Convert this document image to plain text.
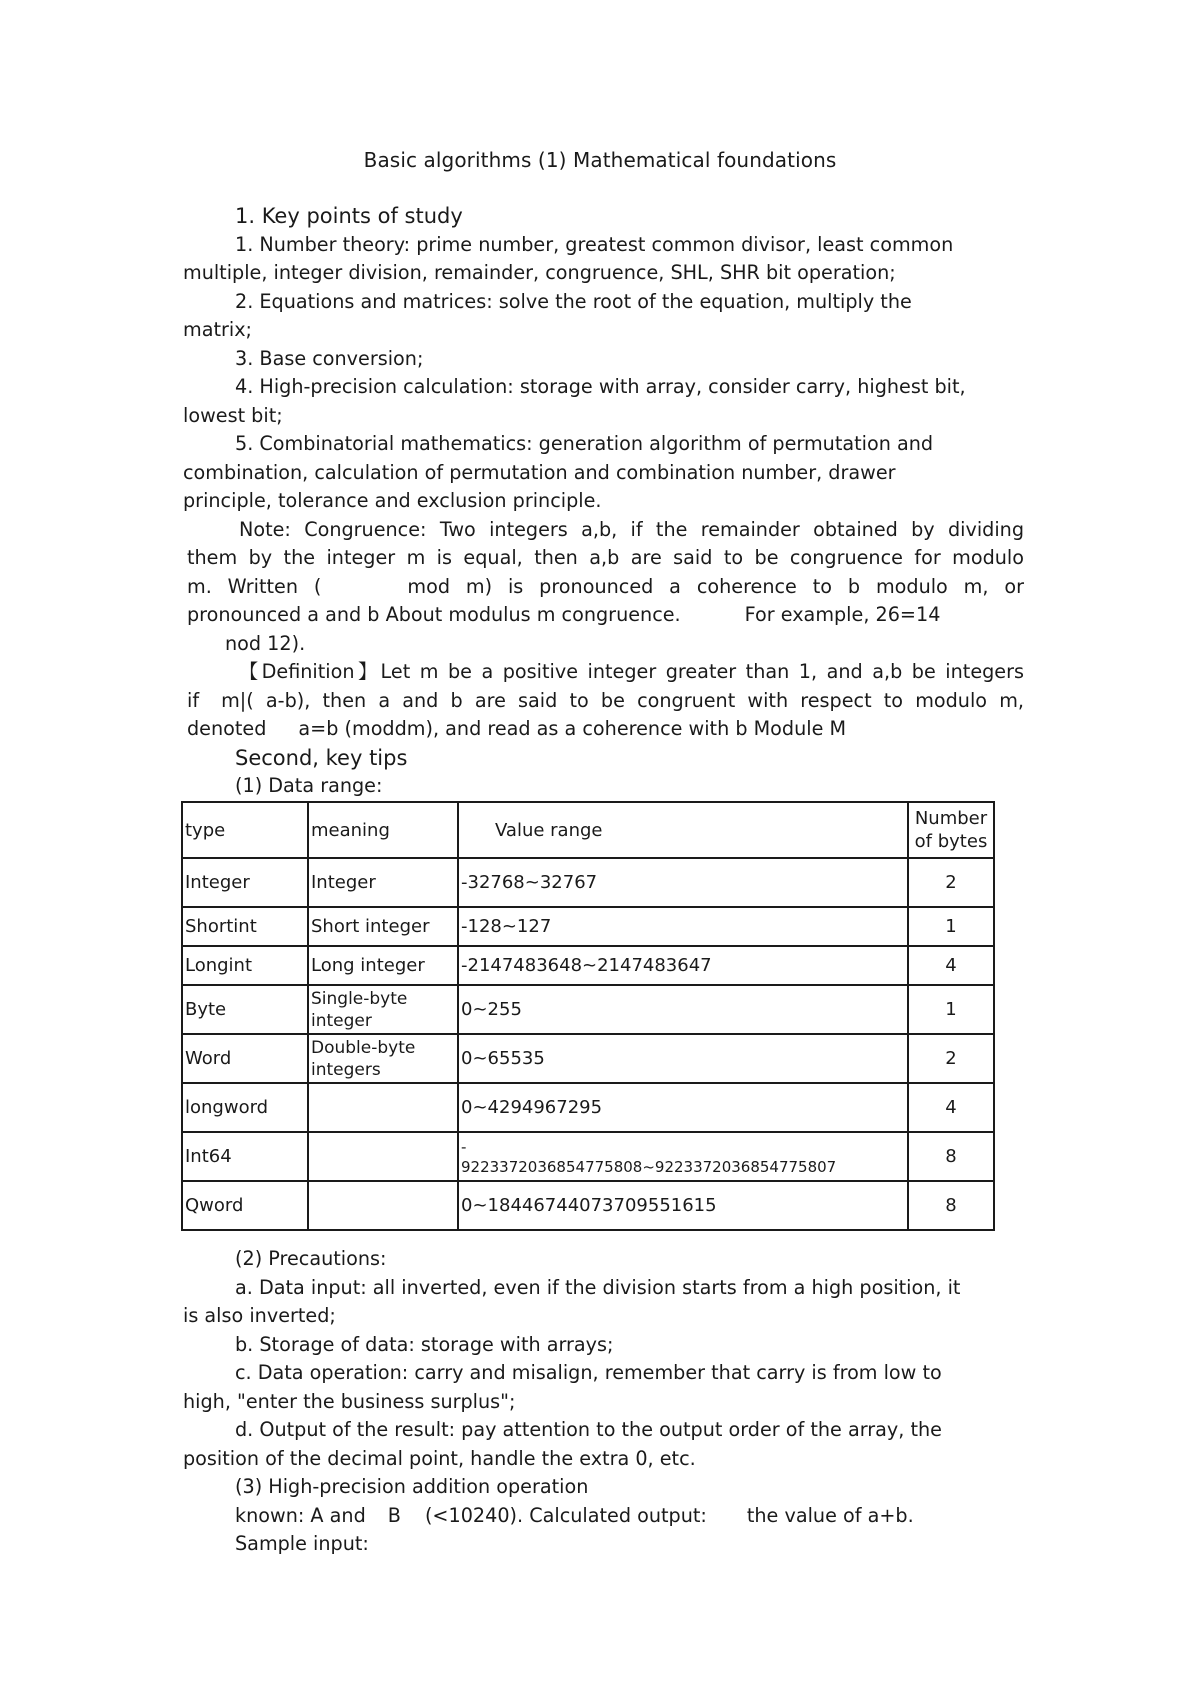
Basic algorithms (1) Mathematical foundations

1. Key points of study

1. Number theory: prime number, greatest common divisor, least common

multiple, integer division, remainder, congruence, SHL, SHR bit operation;

2. Equations and matrices: solve the root of the equation, multiply the

matrix;

3. Base conversion;

4. High-precision calculation: storage with array, consider carry, highest bit,

lowest bit;

5. Combinatorial mathematics: generation algorithm of permutation and

combination, calculation of permutation and combination number, drawer

principle, tolerance and exclusion principle.

Note: Congruence: Two integers a,b, if the remainder obtained by dividing

them by the integer m is equal, then a,b are said to be congruence for modulo

m. Written (	mod m) is pronounced a coherence to b modulo m, or

pronounced a and b About modulus m congruence.	For example, 26=14

nod 12).

【Definition】Let m be a positive integer greater than 1, and a,b be integers

if m|( a-b), then a and b are said to be congruent with respect to modulo m,

denoted a=b (moddm), and read as a coherence with b Module M

Second, key tips

(1) Data range:

type	meaning	Value range	Number
of bytes

Integer	Integer	-32768~32767	2
Shortint	Short integer	-128~127	1
Longint	Long integer	-2147483648~2147483647	4
Byte	Single-byte
integer	0~255	1
Word	Double-byte
integers	0~65535	2
longword		0~4294967295	4
Int64		-
9223372036854775808~9223372036854775807	8
Qword		0~18446744073709551615	8

(2) Precautions:

a. Data input: all inverted, even if the division starts from a high position, it

is also inverted;

b. Storage of data: storage with arrays;

c. Data operation: carry and misalign, remember that carry is from low to

high, "enter the business surplus";

d. Output of the result: pay attention to the output order of the array, the

position of the decimal point, handle the extra 0, etc.

(3) High-precision addition operation

known: A and B (<10240). Calculated output: the value of a+b.

Sample input:
